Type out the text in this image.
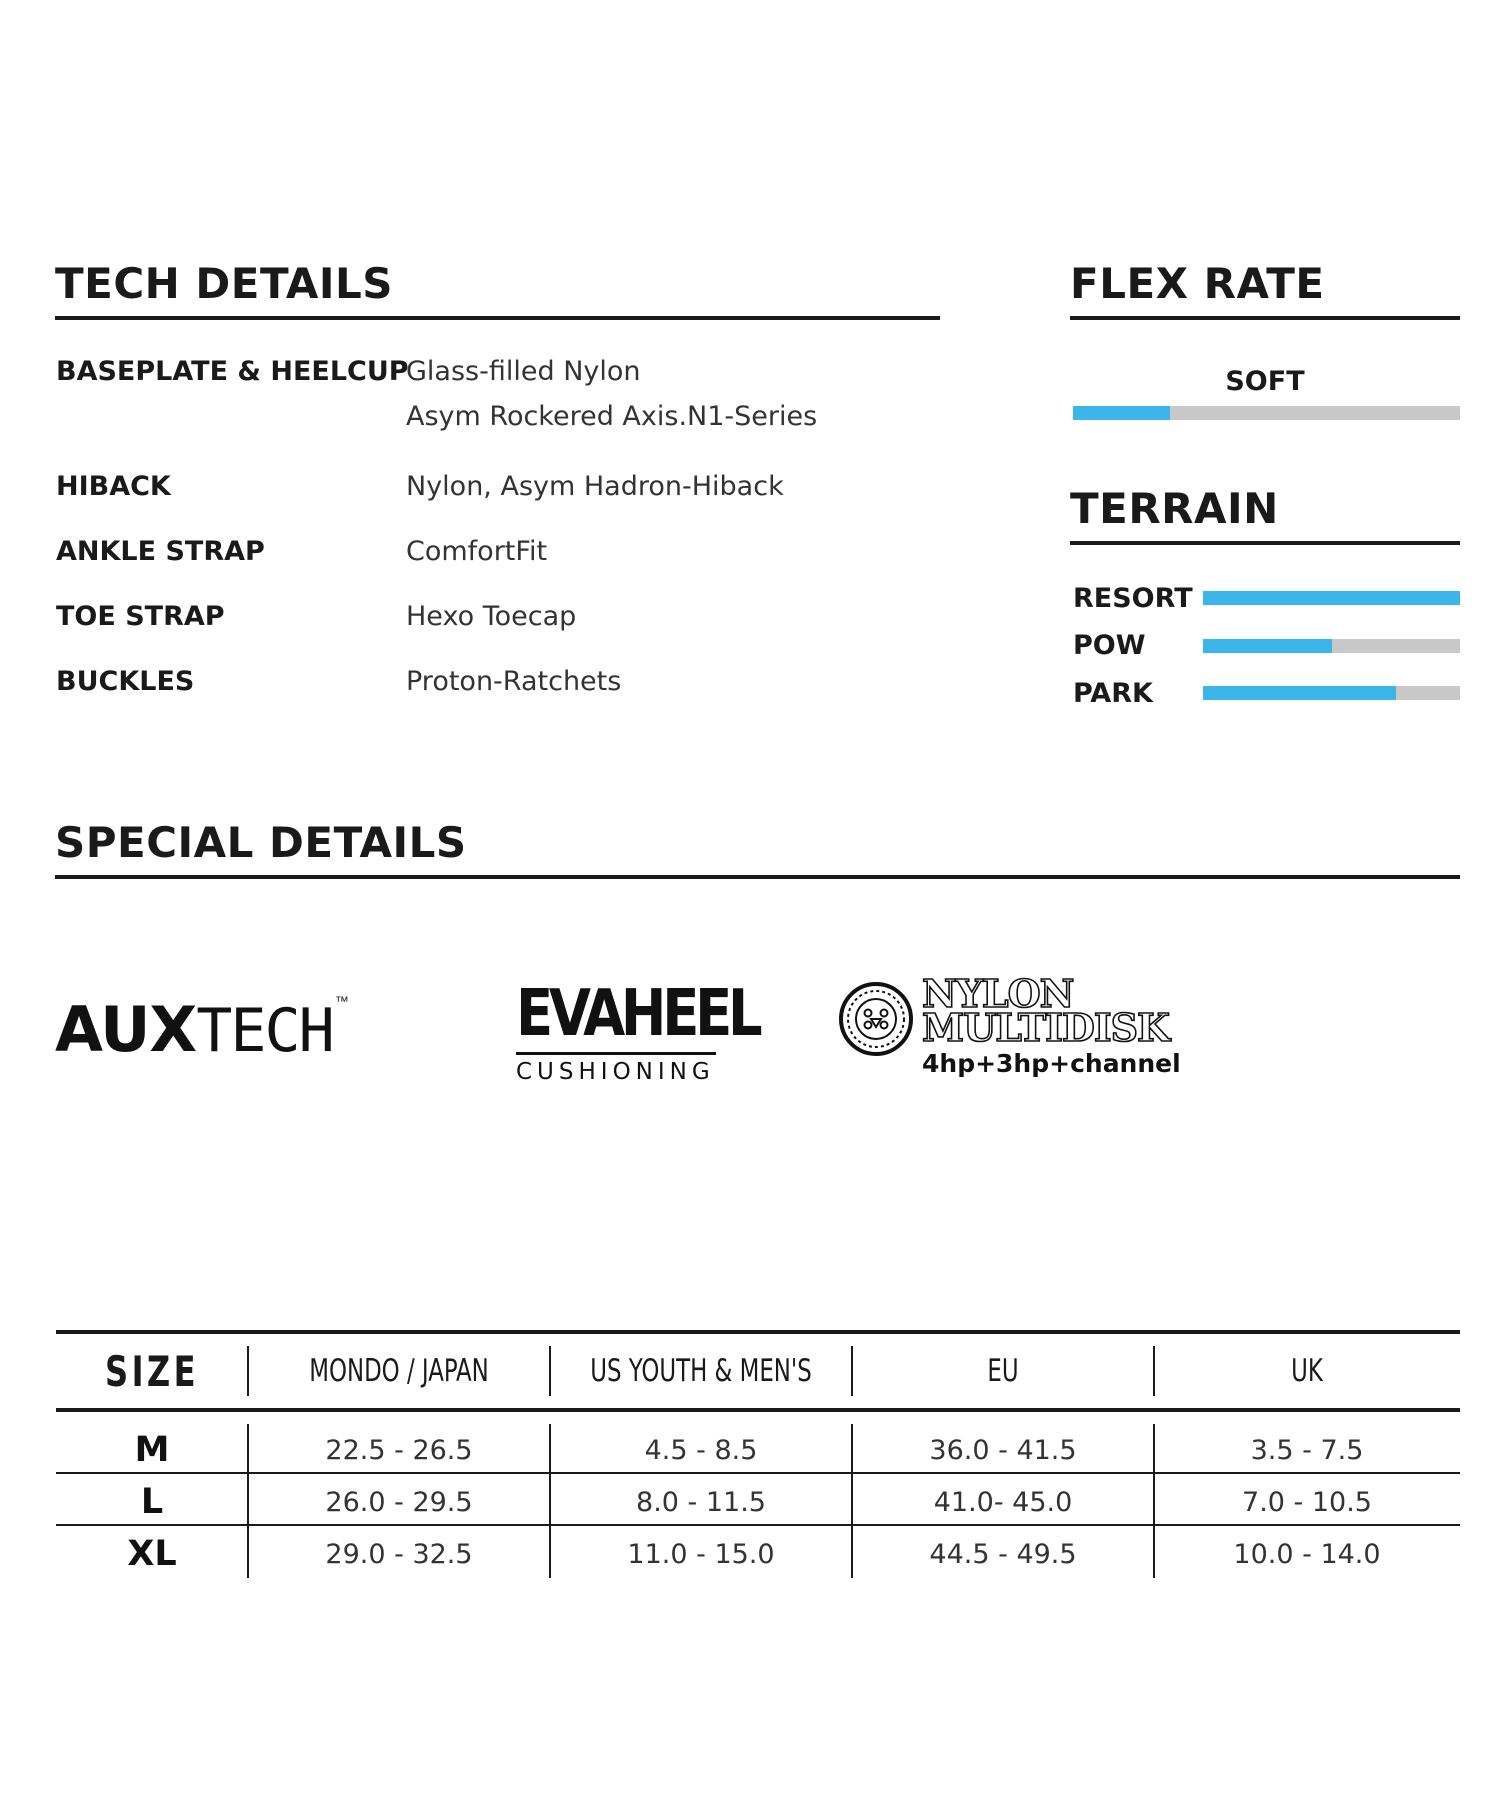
TECH DETAILS
BASEPLATE & HEELCUP
Glass-filled Nylon
Asym Rockered Axis.N1-Series
HIBACK	Nylon, Asym Hadron-Hiback
ANKLE STRAP	ComfortFit
TOE STRAP	Hexo Toecap
BUCKLES	Proton-Ratchets
FLEX RATE
SOFT
TERRAIN
RESORT
POW
PARK
SPECIAL DETAILS
AUXTECH ™	EVAHEEL
CUSHIONING
NYLON
MULTIDISK
4hp+3hp+channel
SIZE	MONDO / JAPAN	US YOUTH & MEN'S	EU	UK
M	22.5 - 26.5	4.5 - 8.5	36.0 - 41.5	3.5 - 7.5
L	26.0 - 29.5	8.0 - 11.5	41.0- 45.0	7.0 - 10.5
XL	29.0 - 32.5	11.0 - 15.0	44.5 - 49.5	10.0 - 14.0
